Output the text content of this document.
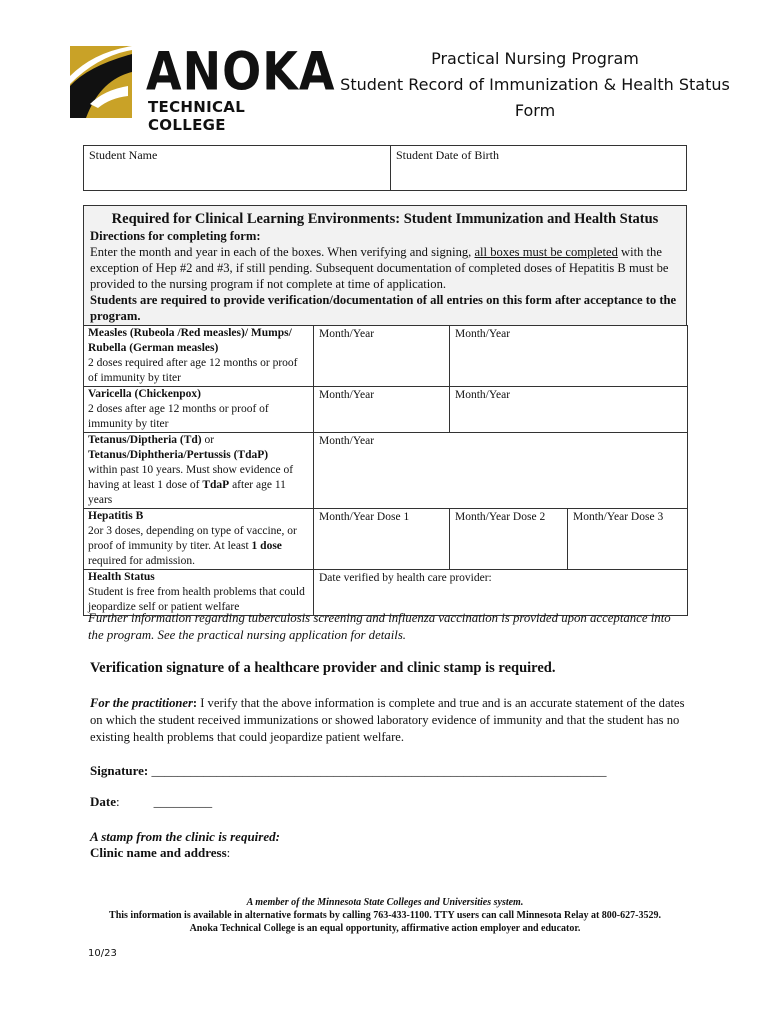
ANOKA
TECHNICAL COLLEGE
Practical Nursing Program
Student Record of Immunization & Health Status
Form
Student Name	Student Date of Birth
Required for Clinical Learning Environments: Student Immunization and Health Status
Directions for completing form:
Enter the month and year in each of the boxes. When verifying and signing, all boxes must be completed with the exception of Hep #2 and #3, if still pending. Subsequent documentation of completed doses of Hepatitis B must be provided to the nursing program if not complete at time of application.
Students are required to provide verification/documentation of all entries on this form after acceptance to the program.
Measles (Rubeola /Red measles)/ Mumps/ Rubella (German measles)
2 doses required after age 12 months or proof of immunity by titer	Month/Year	Month/Year	
Varicella (Chickenpox)
2 doses after age 12 months or proof of immunity by titer	Month/Year	Month/Year	
Tetanus/Diptheria (Td) or
Tetanus/Diphtheria/Pertussis (TdaP)
within past 10 years. Must show evidence of having at least 1 dose of TdaP after age 11 years	Month/Year		
Hepatitis B
2or 3 doses, depending on type of vaccine, or proof of immunity by titer. At least 1 dose required for admission.	Month/Year Dose 1	Month/Year Dose 2	Month/Year Dose 3
Health Status
Student is free from health problems that could jeopardize self or patient welfare	Date verified by health care provider:		
Further information regarding tuberculosis screening and influenza vaccination is provided upon acceptance into the program. See the practical nursing application for details.
Verification signature of a healthcare provider and clinic stamp is required.
For the practitioner: I verify that the above information is complete and true and is an accurate statement of the dates on which the student received immunizations or showed laboratory evidence of immunity and that the student has no existing health problems that could jeopardize patient welfare.
Signature: ______________________________________________________________________
Date:	_________
A stamp from the clinic is required:
Clinic name and address:
A member of the Minnesota State Colleges and Universities system.
This information is available in alternative formats by calling 763-433-1100. TTY users can call Minnesota Relay at 800-627-3529.
Anoka Technical College is an equal opportunity, affirmative action employer and educator.
10/23
